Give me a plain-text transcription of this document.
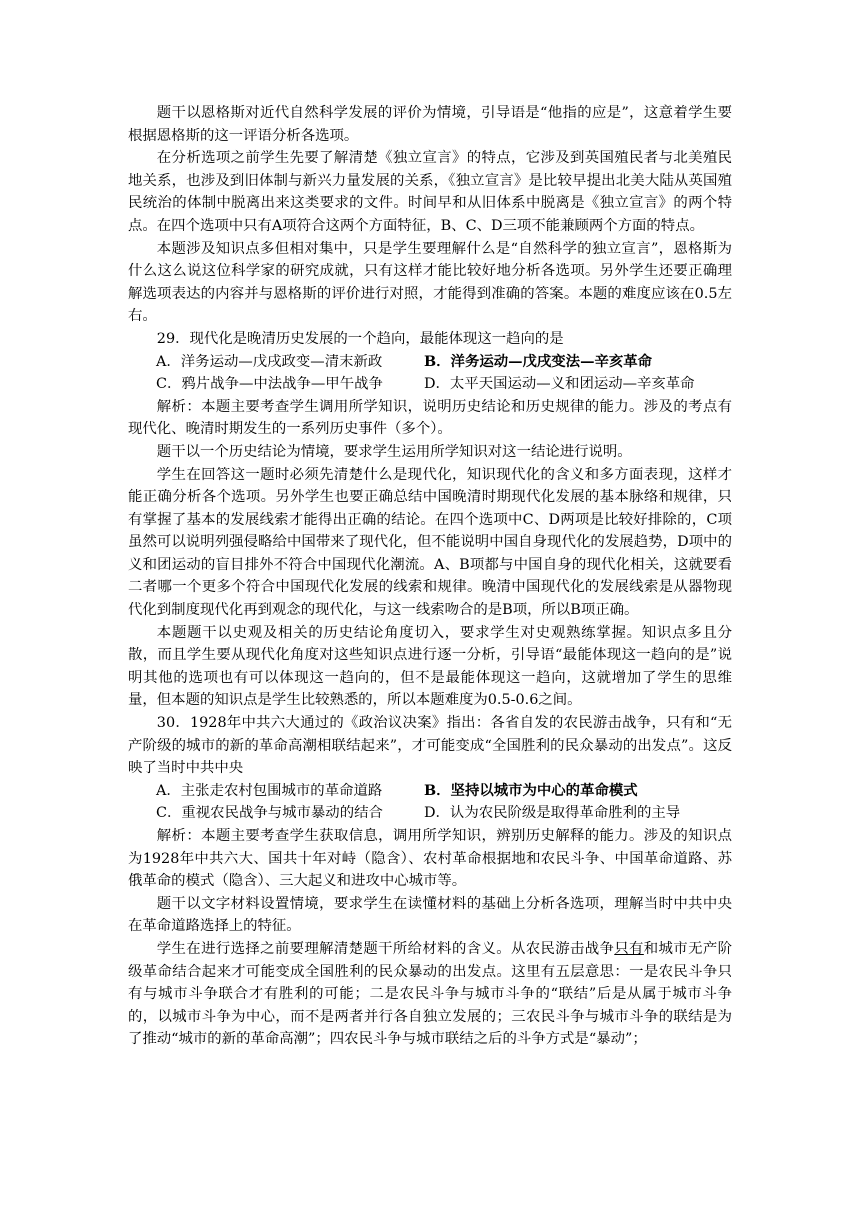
题干以恩格斯对近代自然科学发展的评价为情境，引导语是“他指的应是”，这意着学生要根据恩格斯的这一评语分析各选项。

在分析选项之前学生先要了解清楚《独立宣言》的特点，它涉及到英国殖民者与北美殖民地关系，也涉及到旧体制与新兴力量发展的关系，《独立宣言》是比较早提出北美大陆从英国殖民统治的体制中脱离出来这类要求的文件。时间早和从旧体系中脱离是《独立宣言》的两个特点。在四个选项中只有A项符合这两个方面特征，B、C、D三项不能兼顾两个方面的特点。

本题涉及知识点多但相对集中，只是学生要理解什么是“自然科学的独立宣言”，恩格斯为什么这么说这位科学家的研究成就，只有这样才能比较好地分析各选项。另外学生还要正确理解选项表达的内容并与恩格斯的评价进行对照，才能得到准确的答案。本题的难度应该在0.5左右。

29．现代化是晚清历史发展的一个趋向，最能体现这一趋向的是

A．洋务运动—戊戌政变—清末新政	B．洋务运动—戊戌变法—辛亥革命
C．鸦片战争—中法战争—甲午战争	D．太平天国运动—义和团运动—辛亥革命

解析：本题主要考查学生调用所学知识，说明历史结论和历史规律的能力。涉及的考点有现代化、晚清时期发生的一系列历史事件（多个）。

题干以一个历史结论为情境，要求学生运用所学知识对这一结论进行说明。

学生在回答这一题时必须先清楚什么是现代化，知识现代化的含义和多方面表现，这样才能正确分析各个选项。另外学生也要正确总结中国晚清时期现代化发展的基本脉络和规律，只有掌握了基本的发展线索才能得出正确的结论。在四个选项中C、D两项是比较好排除的，C项虽然可以说明列强侵略给中国带来了现代化，但不能说明中国自身现代化的发展趋势，D项中的义和团运动的盲目排外不符合中国现代化潮流。A、B项都与中国自身的现代化相关，这就要看二者哪一个更多个符合中国现代化发展的线索和规律。晚清中国现代化的发展线索是从器物现代化到制度现代化再到观念的现代化，与这一线索吻合的是B项，所以B项正确。

本题题干以史观及相关的历史结论角度切入，要求学生对史观熟练掌握。知识点多且分散，而且学生要从现代化角度对这些知识点进行逐一分析，引导语“最能体现这一趋向的是”说明其他的选项也有可以体现这一趋向的，但不是最能体现这一趋向，这就增加了学生的思维量，但本题的知识点是学生比较熟悉的，所以本题难度为0.5-0.6之间。

30．1928年中共六大通过的《政治议决案》指出：各省自发的农民游击战争，只有和“无产阶级的城市的新的革命高潮相联结起来”，才可能变成“全国胜利的民众暴动的出发点”。这反映了当时中共中央

A．主张走农村包围城市的革命道路	B．坚持以城市为中心的革命模式
C．重视农民战争与城市暴动的结合	D．认为农民阶级是取得革命胜利的主导

解析：本题主要考查学生获取信息，调用所学知识，辨别历史解释的能力。涉及的知识点为1928年中共六大、国共十年对峙（隐含）、农村革命根据地和农民斗争、中国革命道路、苏俄革命的模式（隐含）、三大起义和进攻中心城市等。

题干以文字材料设置情境，要求学生在读懂材料的基础上分析各选项，理解当时中共中央在革命道路选择上的特征。

学生在进行选择之前要理解清楚题干所给材料的含义。从农民游击战争只有和城市无产阶级革命结合起来才可能变成全国胜利的民众暴动的出发点。这里有五层意思：一是农民斗争只有与城市斗争联合才有胜利的可能；二是农民斗争与城市斗争的“联结”后是从属于城市斗争的，以城市斗争为中心，而不是两者并行各自独立发展的；三农民斗争与城市斗争的联结是为了推动“城市的新的革命高潮”；四农民斗争与城市联结之后的斗争方式是“暴动”；
